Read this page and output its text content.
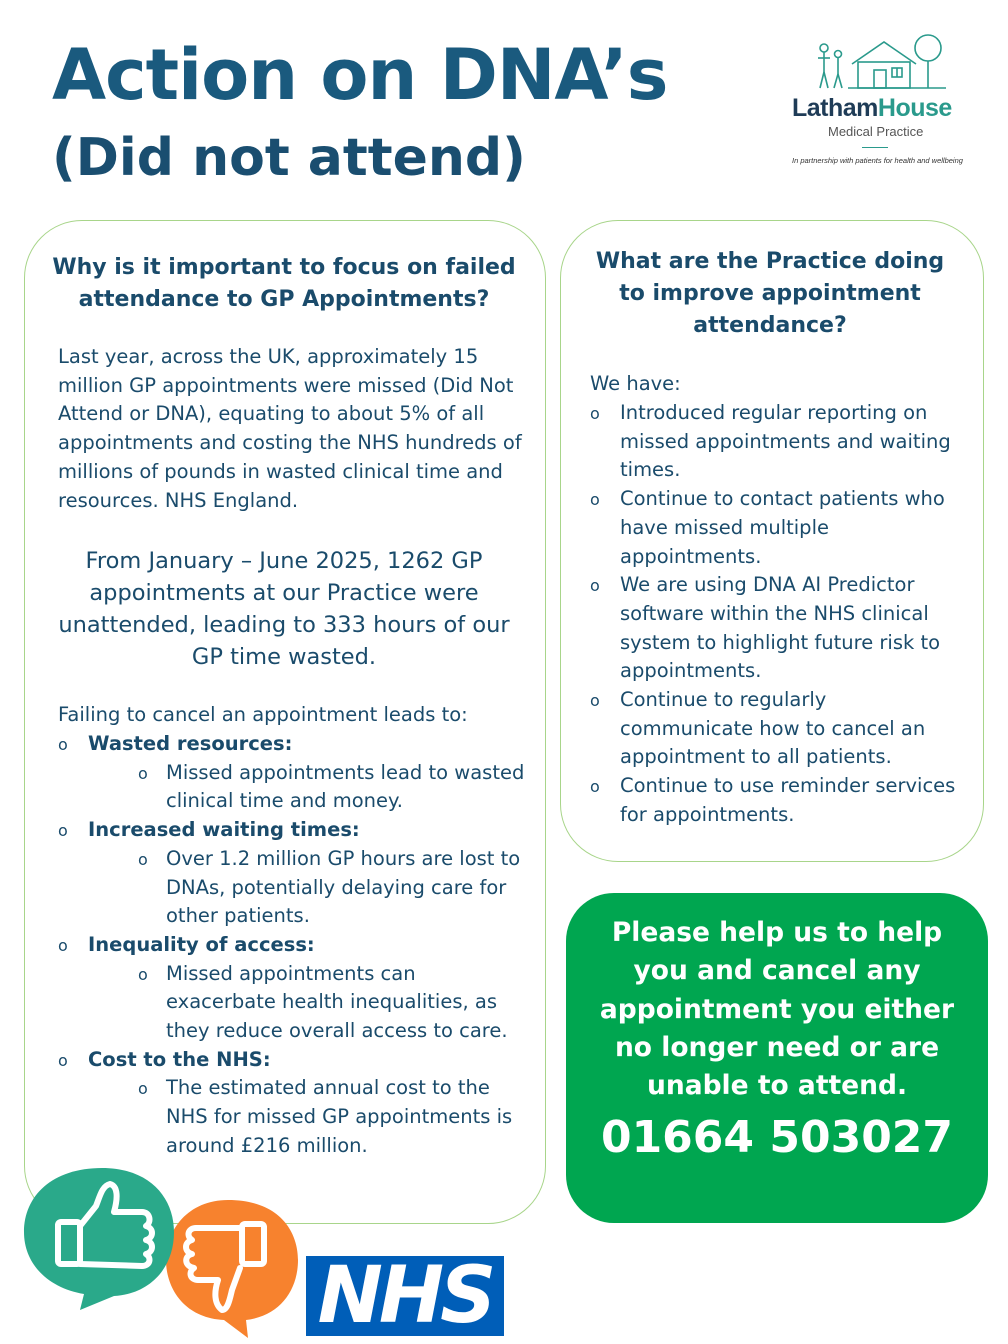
Action on DNA’s
(Did not attend)
LathamHouse
Medical Practice
In partnership with patients for health and wellbeing
Why is it important to focus on failed attendance to GP Appointments?
Last year, across the UK, approximately 15 million GP appointments were missed (Did Not Attend or DNA), equating to about 5% of all appointments and costing the NHS hundreds of millions of pounds in wasted clinical time and resources. NHS England.
From January – June 2025, 1262 GP appointments at our Practice were unattended, leading to 333 hours of our GP time wasted.
Failing to cancel an appointment leads to:
o Wasted resources:
o Missed appointments lead to wasted clinical time and money.
o Increased waiting times:
o Over 1.2 million GP hours are lost to DNAs, potentially delaying care for other patients.
o Inequality of access:
o Missed appointments can exacerbate health inequalities, as they reduce overall access to care.
o Cost to the NHS:
o The estimated annual cost to the NHS for missed GP appointments is around £216 million.
What are the Practice doing to improve appointment attendance?
We have:
o Introduced regular reporting on missed appointments and waiting times.
o Continue to contact patients who have missed multiple appointments.
o We are using DNA AI Predictor software within the NHS clinical system to highlight future risk to appointments.
o Continue to regularly communicate how to cancel an appointment to all patients.
o Continue to use reminder services for appointments.
Please help us to help you and cancel any appointment you either no longer need or are unable to attend.
01664 503027
NHS
